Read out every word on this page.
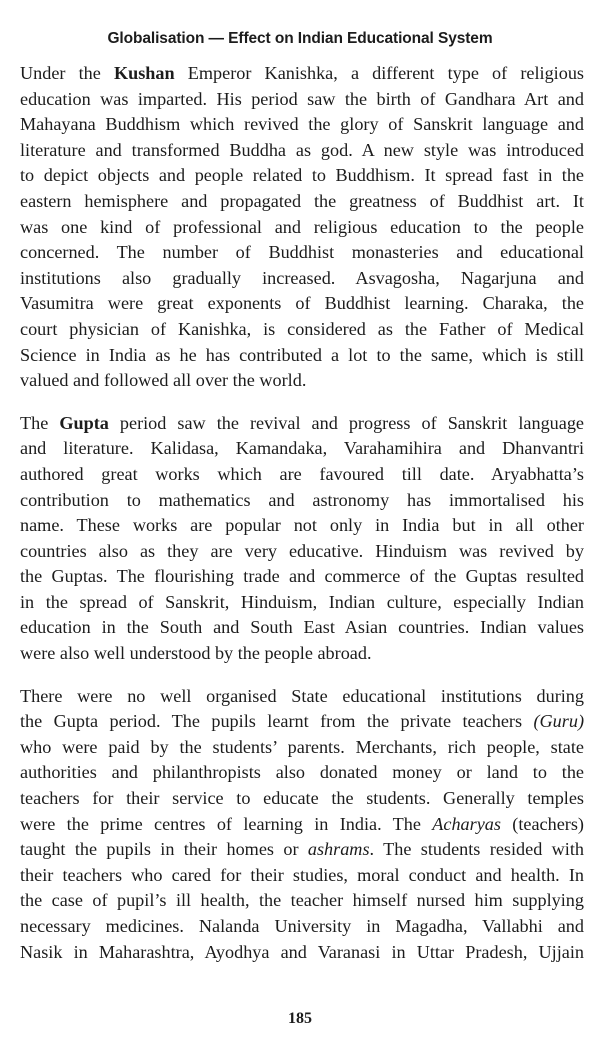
Globalisation — Effect on Indian Educational System
Under the Kushan Emperor Kanishka, a different type of religious
education was imparted. His period saw the birth of Gandhara Art and
Mahayana Buddhism which revived the glory of Sanskrit language and
literature and transformed Buddha as god. A new style was introduced
to depict objects and people related to Buddhism. It spread fast in the
eastern hemisphere and propagated the greatness of Buddhist art. It
was one kind of professional and religious education to the people
concerned. The number of Buddhist monasteries and educational
institutions also gradually increased. Asvagosha, Nagarjuna and
Vasumitra were great exponents of Buddhist learning. Charaka, the
court physician of Kanishka, is considered as the Father of Medical
Science in India as he has contributed a lot to the same, which is still
valued and followed all over the world.
The Gupta period saw the revival and progress of Sanskrit language
and literature. Kalidasa, Kamandaka, Varahamihira and Dhanvantri
authored great works which are favoured till date. Aryabhatta’s
contribution to mathematics and astronomy has immortalised his
name. These works are popular not only in India but in all other
countries also as they are very educative. Hinduism was revived by
the Guptas. The flourishing trade and commerce of the Guptas resulted
in the spread of Sanskrit, Hinduism, Indian culture, especially Indian
education in the South and South East Asian countries. Indian values
were also well understood by the people abroad.
There were no well organised State educational institutions during
the Gupta period. The pupils learnt from the private teachers (Guru)
who were paid by the students’ parents. Merchants, rich people, state
authorities and philanthropists also donated money or land to the
teachers for their service to educate the students. Generally temples
were the prime centres of learning in India. The Acharyas (teachers)
taught the pupils in their homes or ashrams. The students resided with
their teachers who cared for their studies, moral conduct and health. In
the case of pupil’s ill health, the teacher himself nursed him supplying
necessary medicines. Nalanda University in Magadha, Vallabhi and
Nasik in Maharashtra, Ayodhya and Varanasi in Uttar Pradesh, Ujjain
185
